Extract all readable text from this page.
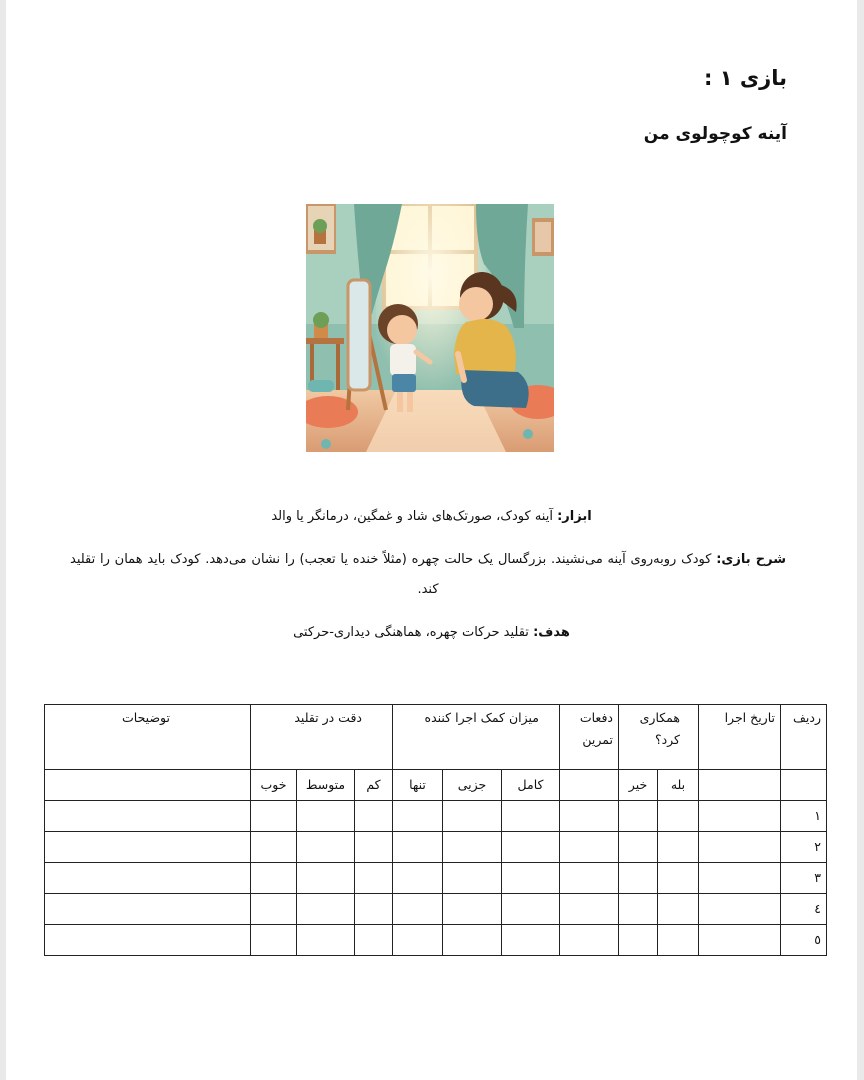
بازی ۱ :
آینه کوچولوی من
ابزار: آینه کودک، صورتک‌های شاد و غمگین، درمانگر یا والد
شرح بازی: کودک روبه‌روی آینه می‌نشیند. بزرگسال یک حالت چهره (مثلاً خنده یا تعجب) را نشان می‌دهد. کودک باید همان را تقلید کند.
هدف: تقلید حرکات چهره، هماهنگی دیداری-حرکتی
ردیف	تاریخ اجرا	همکاری کرد؟		دفعات تمرین	میزان کمک اجرا کننده			دقت در تقلید			توضیحات
		بله	خیر		کامل	جزیی	تنها	کم	متوسط	خوب	
۱											
۲											
۳											
٤											
٥											
